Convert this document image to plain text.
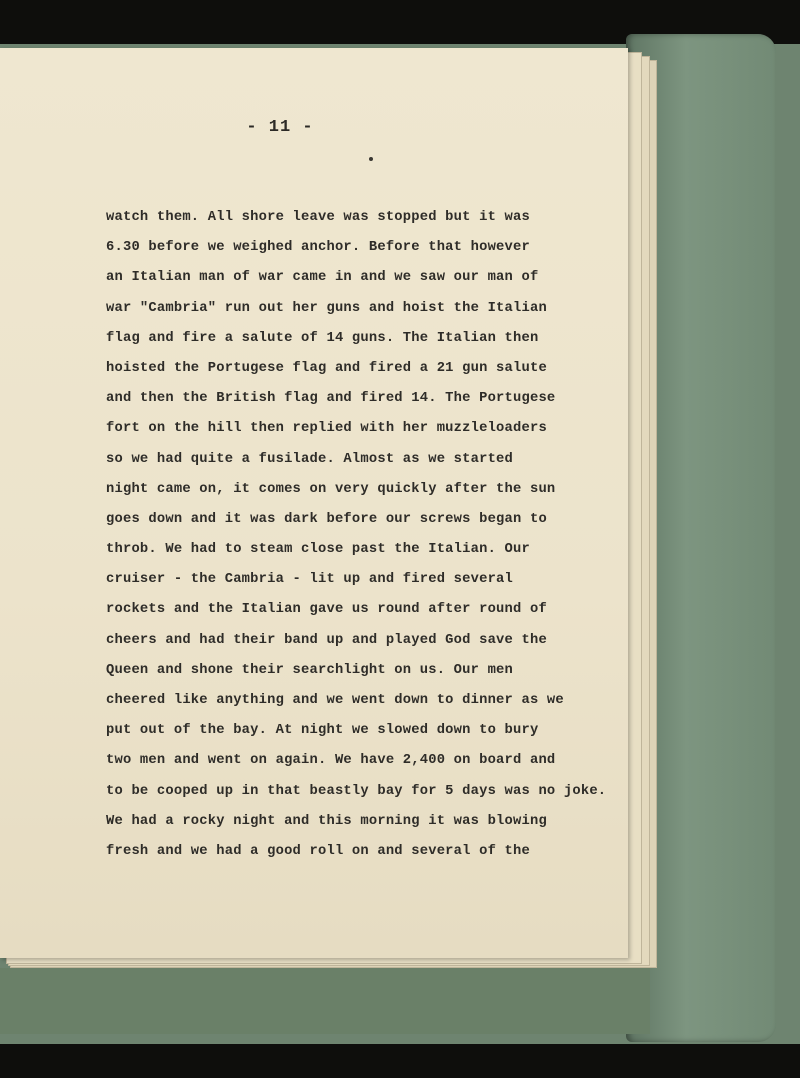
- 11 -
watch them. All shore leave was stopped but it was
6.30 before we weighed anchor. Before that however
an Italian man of war came in and we saw our man of
war "Cambria" run out her guns and hoist the Italian
flag and fire a salute of 14 guns. The Italian then
hoisted the Portugese flag and fired a 21 gun salute
and then the British flag and fired 14. The Portugese
fort on the hill then replied with her muzzleloaders
so we had quite a fusilade. Almost as we started
night came on, it comes on very quickly after the sun
goes down and it was dark before our screws began to
throb. We had to steam close past the Italian. Our
cruiser - the Cambria - lit up and fired several
rockets and the Italian gave us round after round of
cheers and had their band up and played God save the
Queen and shone their searchlight on us. Our men
cheered like anything and we went down to dinner as we
put out of the bay. At night we slowed down to bury
two men and went on again. We have 2,400 on board and
to be cooped up in that beastly bay for 5 days was no joke.
We had a rocky night and this morning it was blowing
fresh and we had a good roll on and several of the
